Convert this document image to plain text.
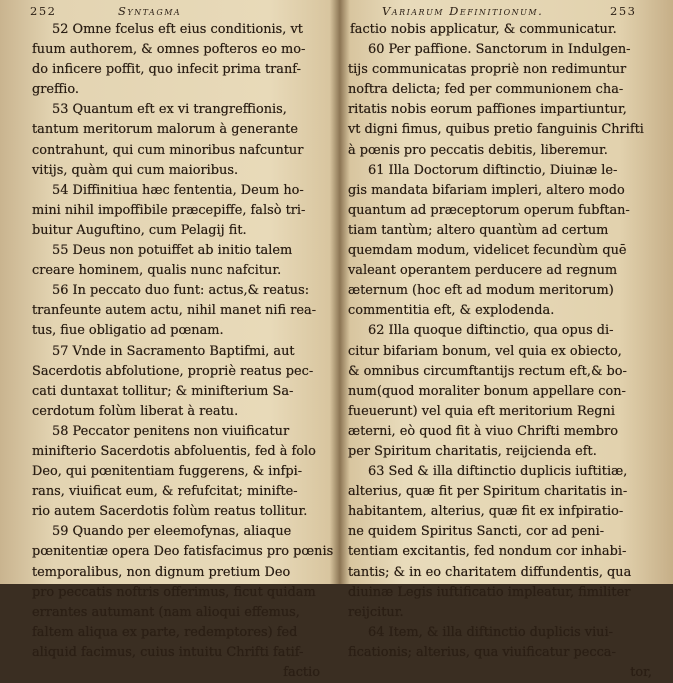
252	Syntagma
52 Omne fcelus eft eius conditionis, vt
fuum authorem, & omnes pofteros eo mo-
do inficere poffit, quo infecit prima tranf-
greffio.
53 Quantum eft ex vi trangreffionis,
tantum meritorum malorum à generante
contrahunt, qui cum minoribus nafcuntur
vitijs, quàm qui cum maioribus.
54 Diffinitiua hæc fententia, Deum ho-
mini nihil impoffibile præcepiffe, falsò tri-
buitur Auguftino, cum Pelagij fit.
55 Deus non potuiffet ab initio talem
creare hominem, qualis nunc nafcitur.
56 In peccato duo funt: actus,& reatus:
tranfeunte autem actu, nihil manet nifi rea-
tus, fiue obligatio ad pœnam.
57 Vnde in Sacramento Baptifmi, aut
Sacerdotis abfolutione, propriè reatus pec-
cati duntaxat tollitur; & minifterium Sa-
cerdotum folùm liberat à reatu.
58 Peccator penitens non viuificatur
minifterio Sacerdotis abfoluentis, fed à folo
Deo, qui pœnitentiam fuggerens, & infpi-
rans, viuificat eum, & refufcitat; minifte-
rio autem Sacerdotis folùm reatus tollitur.
59 Quando per eleemofynas, aliaque
pœnitentiæ opera Deo fatisfacimus pro pœnis
temporalibus, non dignum pretium Deo
pro peccatis noftris offerimus, ficut quidam
errantes autumant (nam alioqui effemus,
faltem aliqua ex parte, redemptores) fed
aliquid facimus, cuius intuitu Chrifti fatif-
factio
Variarum Definitionum.	253
factio nobis applicatur, & communicatur.
60 Per paffione. Sanctorum in Indulgen-
tijs communicatas propriè non redimuntur
noftra delicta; fed per communionem cha-
ritatis nobis eorum paffiones impartiuntur,
vt digni fimus, quibus pretio fanguinis Chrifti
à pœnis pro peccatis debitis, liberemur.
61 Illa Doctorum diftinctio, Diuinæ le-
gis mandata bifariam impleri, altero modo
quantum ad præceptorum operum fubftan-
tiam tantùm; altero quantùm ad certum
quemdam modum, videlicet fecundùm quē
valeant operantem perducere ad regnum
æternum (hoc eft ad modum meritorum)
commentitia eft, & explodenda.
62 Illa quoque diftinctio, qua opus di-
citur bifariam bonum, vel quia ex obiecto,
& omnibus circumftantijs rectum eft,& bo-
num(quod moraliter bonum appellare con-
fueuerunt) vel quia eft meritorium Regni
æterni, eò quod fit à viuo Chrifti membro
per Spiritum charitatis, reijcienda eft.
63 Sed & illa diftinctio duplicis iuftitiæ,
alterius, quæ fit per Spiritum charitatis in-
habitantem, alterius, quæ fit ex infpiratio-
ne quidem Spiritus Sancti, cor ad peni-
tentiam excitantis, fed nondum cor inhabi-
tantis; & in eo charitatem diffundentis, qua
diuinæ Legis iuftificatio impleatur, fimiliter
reijcitur.
64 Item, & illa diftinctio duplicis viui-
ficationis; alterius, qua viuificatur pecca-
tor,
